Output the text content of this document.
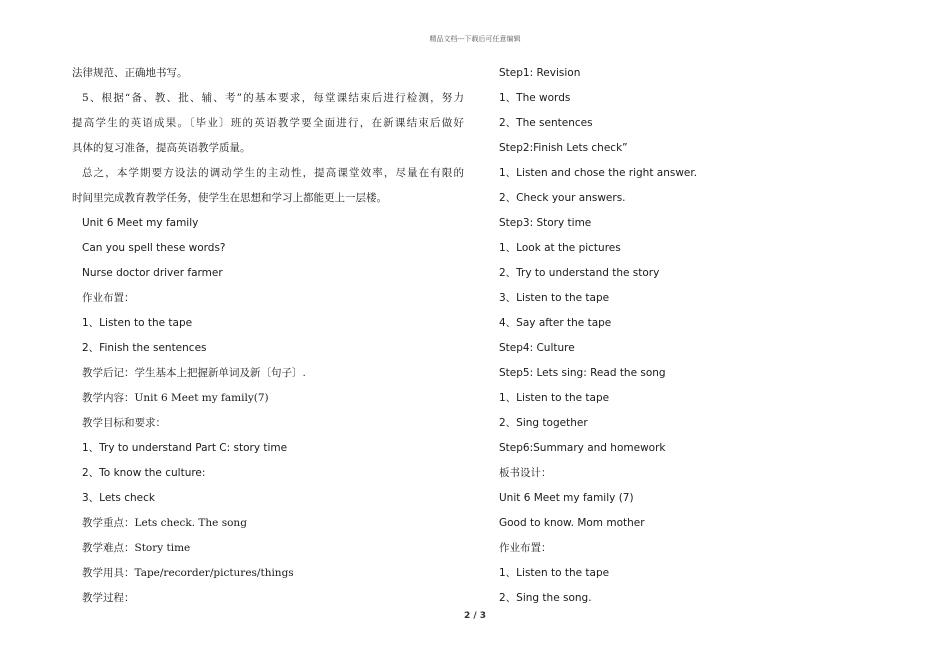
精品文档---下载后可任意编辑
法律规范、正确地书写。
5、根据“备、教、批、辅、考”的基本要求，每堂课结束后进行检测，努力
提高学生的英语成果。〔毕业〕班的英语教学要全面进行，在新课结束后做好
具体的复习准备，提高英语教学质量。
总之，本学期要方设法的调动学生的主动性，提高课堂效率，尽量在有限的
时间里完成教育教学任务，使学生在思想和学习上都能更上一层楼。
Unit 6 Meet my family
Can you spell these words?
Nurse doctor driver farmer
作业布置：
1、Listen to the tape
2、Finish the sentences
教学后记：学生基本上把握新单词及新〔句子〕.
教学内容：Unit 6 Meet my family(7)
教学目标和要求：
1、Try to understand Part C: story time
2、To know the culture:
3、Lets check
教学重点：Lets check. The song
教学难点：Story time
教学用具：Tape/recorder/pictures/things
教学过程：
Step1: Revision
1、The words
2、The sentences
Step2:Finish Lets check”
1、Listen and chose the right answer.
2、Check your answers.
Step3: Story time
1、Look at the pictures
2、Try to understand the story
3、Listen to the tape
4、Say after the tape
Step4: Culture
Step5: Lets sing: Read the song
1、Listen to the tape
2、Sing together
Step6:Summary and homework
板书设计：
Unit 6 Meet my family (7)
Good to know. Mom mother
作业布置：
1、Listen to the tape
2、Sing the song.
2 / 3
